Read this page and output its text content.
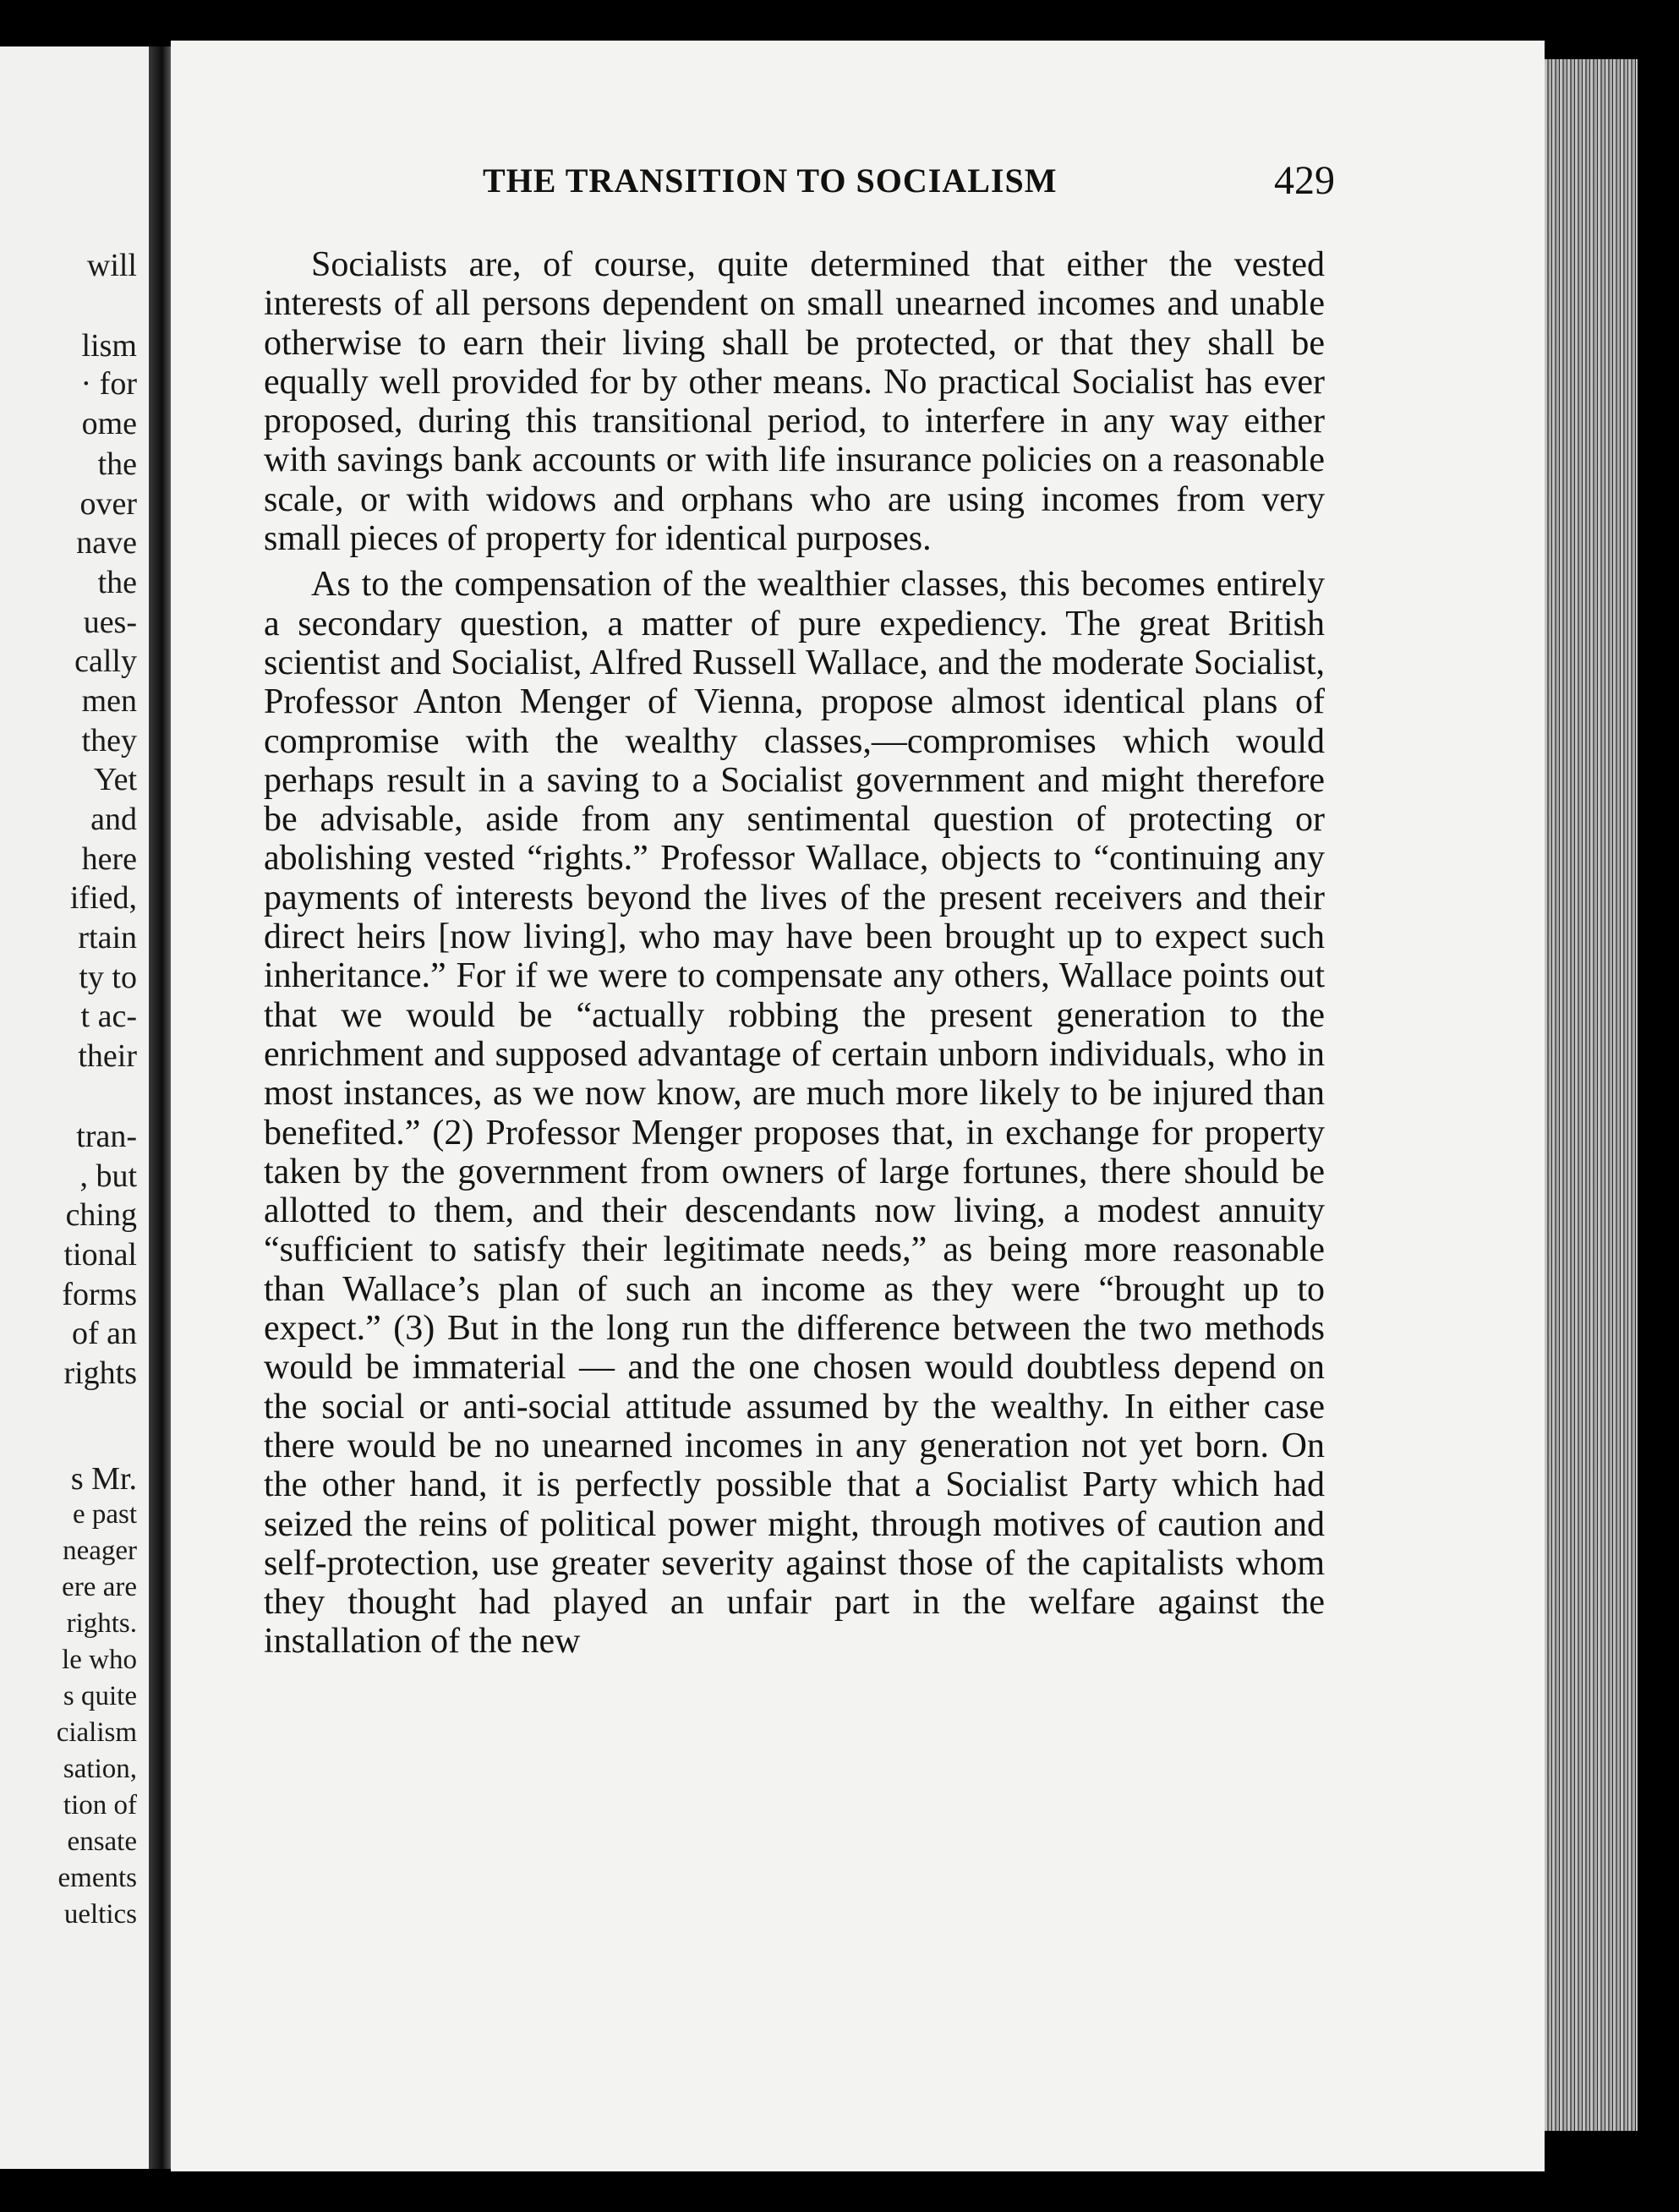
will
lism
· for
ome
the
over
nave
the
ues-
cally
men
they
Yet
and
here
ified,
rtain
ty to
t ac-
their
tran-
, but
ching
tional
forms
of an
rights
s Mr.
e past
neager
ere are
rights.
le who
s quite
cialism
sation,
tion of
ensate
ements
ueltics
THE TRANSITION TO SOCIALISM	429

Socialists are, of course, quite determined that either the vested interests of all persons dependent on small unearned incomes and unable otherwise to earn their living shall be protected, or that they shall be equally well provided for by other means. No practical Socialist has ever proposed, during this transitional period, to interfere in any way either with savings bank accounts or with life insurance policies on a reasonable scale, or with widows and orphans who are using incomes from very small pieces of property for identical purposes.

As to the compensation of the wealthier classes, this becomes entirely a secondary question, a matter of pure expediency. The great British scientist and Socialist, Alfred Russell Wallace, and the moderate Socialist, Professor Anton Menger of Vienna, propose almost identical plans of compromise with the wealthy classes,—compromises which would perhaps result in a saving to a Socialist government and might therefore be advisable, aside from any sentimental question of protecting or abolishing vested “rights.” Professor Wallace, objects to “continuing any payments of interests beyond the lives of the present receivers and their direct heirs [now living], who may have been brought up to expect such inheritance.” For if we were to compensate any others, Wallace points out that we would be “actually robbing the present generation to the enrichment and supposed advantage of certain unborn individuals, who in most instances, as we now know, are much more likely to be injured than benefited.” (2) Professor Menger proposes that, in exchange for property taken by the government from owners of large fortunes, there should be allotted to them, and their descendants now living, a modest annuity “sufficient to satisfy their legitimate needs,” as being more reasonable than Wallace’s plan of such an income as they were “brought up to expect.” (3) But in the long run the difference between the two methods would be immaterial — and the one chosen would doubtless depend on the social or anti-social attitude assumed by the wealthy. In either case there would be no unearned incomes in any generation not yet born. On the other hand, it is perfectly possible that a Socialist Party which had seized the reins of political power might, through motives of caution and self-protection, use greater severity against those of the capitalists whom they thought had played an unfair part in the welfare against the installation of the new
